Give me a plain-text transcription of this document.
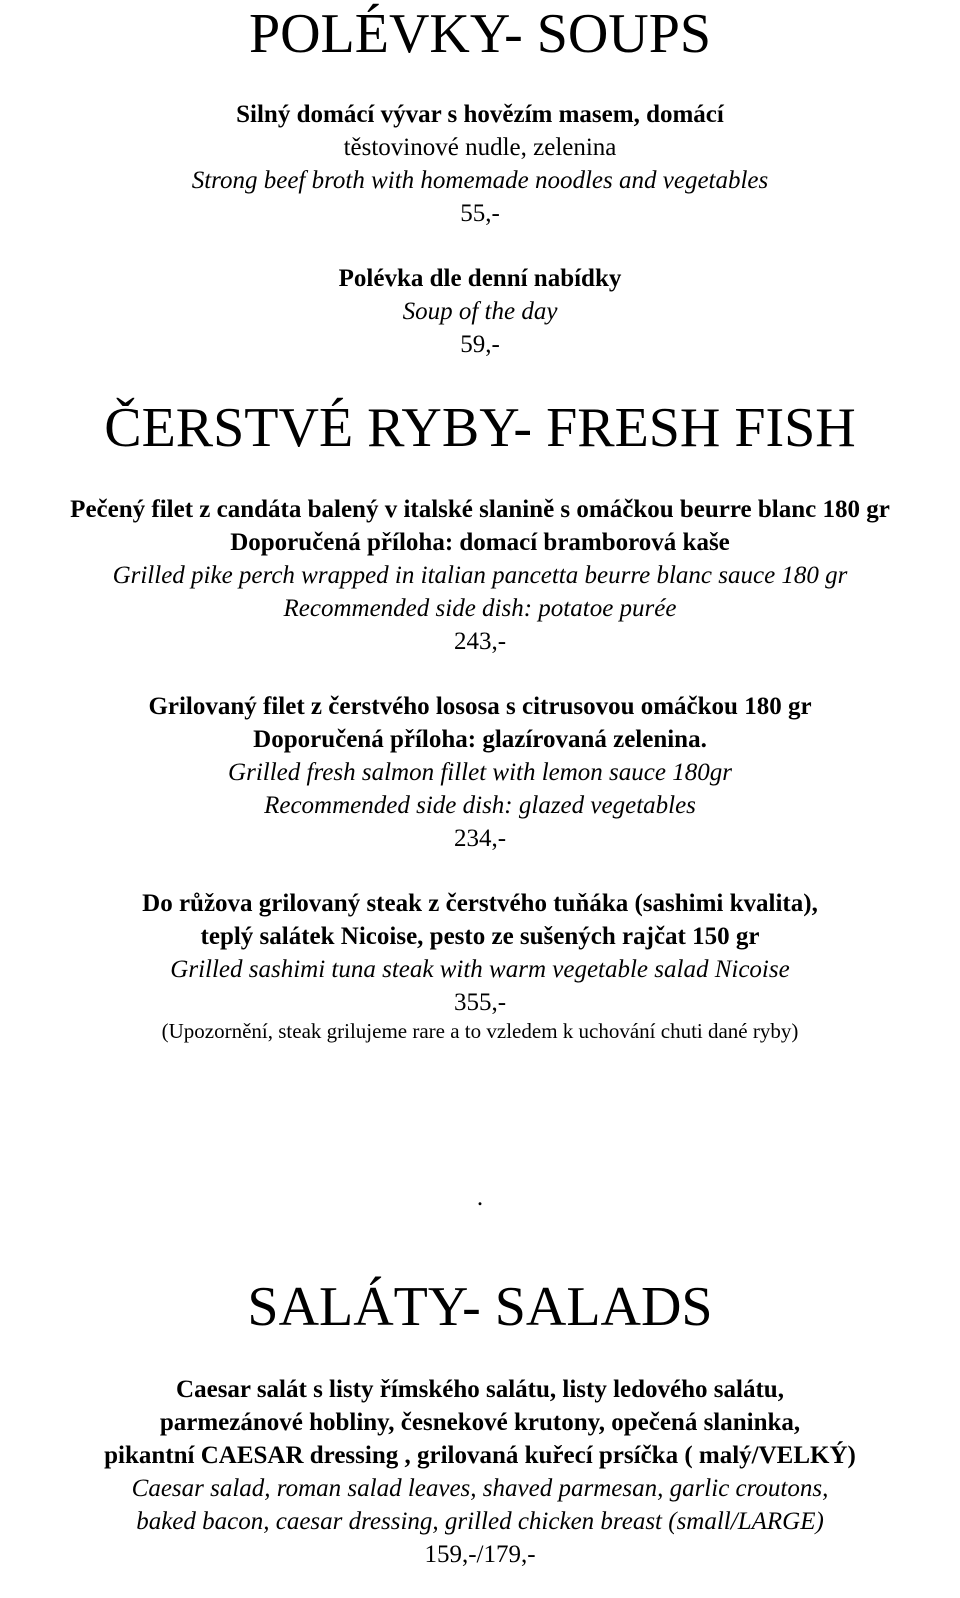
POLÉVKY- SOUPS
Silný domácí vývar s hovězím masem, domácí
těstovinové nudle, zelenina
Strong beef broth with homemade noodles and vegetables
55,-
Polévka dle denní nabídky
Soup of the day
59,-
ČERSTVÉ RYBY- FRESH FISH
Pečený filet z candáta balený v italské slanině s omáčkou beurre blanc 180 gr
Doporučená příloha: domací bramborová kaše
Grilled pike perch wrapped in italian pancetta beurre blanc sauce 180 gr
Recommended side dish: potatoe purée
243,-
Grilovaný filet z čerstvého lososa s citrusovou omáčkou 180 gr
Doporučená příloha: glazírovaná zelenina.
Grilled fresh salmon fillet with lemon sauce 180gr
Recommended side dish: glazed vegetables
234,-
Do růžova grilovaný steak z čerstvého tuňáka (sashimi kvalita),
teplý salátek Nicoise, pesto ze sušených rajčat 150 gr
Grilled sashimi tuna steak with warm vegetable salad Nicoise
355,-
(Upozornění, steak grilujeme rare a to vzledem k uchování chuti dané ryby)
.
SALÁTY- SALADS
Caesar salát s listy římského salátu, listy ledového salátu,
parmezánové hobliny, česnekové krutony, opečená slaninka,
pikantní CAESAR dressing , grilovaná kuřecí prsíčka ( malý/VELKÝ)
Caesar salad, roman salad leaves, shaved parmesan, garlic croutons,
baked bacon, caesar dressing, grilled chicken breast (small/LARGE)
159,-/179,-
